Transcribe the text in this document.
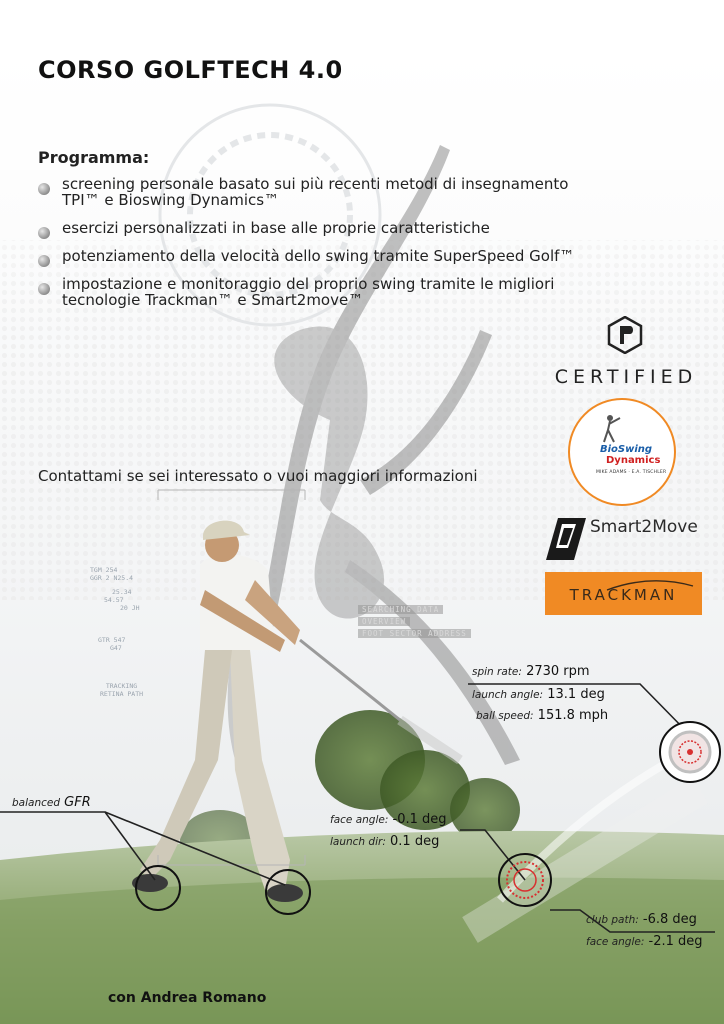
CORSO GOLFTECH 4.0
Programma:
screening personale basato sui più recenti metodi di insegnamento
TPI™ e Bioswing Dynamics™
esercizi personalizzati in base alle proprie caratteristiche
potenziamento della velocità dello swing tramite SuperSpeed Golf™
impostazione e monitoraggio del proprio swing tramite le migliori
tecnologie Trackman™ e Smart2move™
Contattami se sei interessato o vuoi maggiori informazioni
CERTIFIED
BioSwing
Dynamics
MIKE ADAMS · E.A. TISCHLER
Smart2Move
TRACKMAN
TGM 254
GGR 2 N25.4
25.34
54.57
20 JH
GTR 547
G47
TRACKING
RETINA PATH
SEARCHING DATA
OVERVIEW
FOOT SECTOR ADDRESS
spin rate: 2730 rpm
launch angle: 13.1 deg
ball speed: 151.8 mph
balanced GFR
face angle: -0.1 deg
launch dir: 0.1 deg
club path: -6.8 deg
face angle: -2.1 deg
con Andrea Romano
